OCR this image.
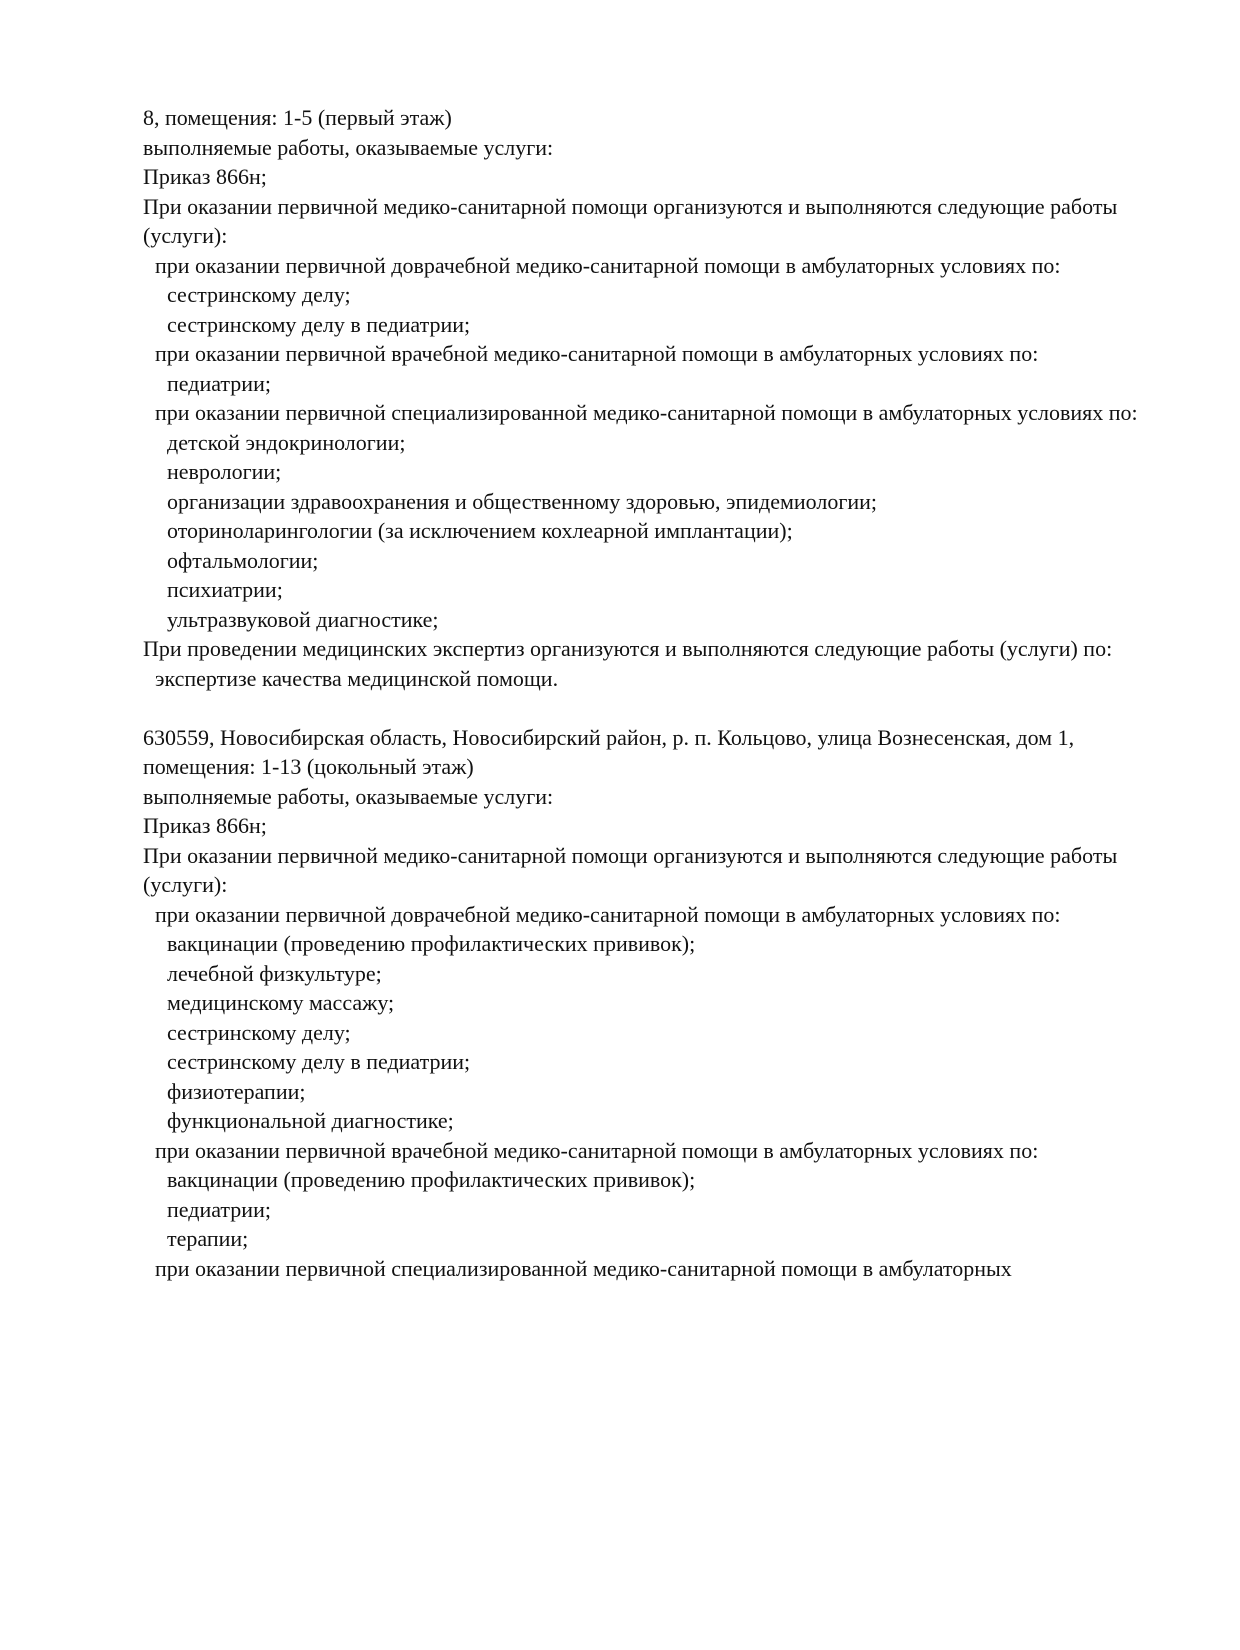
8, помещения: 1-5 (первый этаж)

выполняемые работы, оказываемые услуги:

Приказ 866н;

При оказании первичной медико-санитарной помощи организуются и выполняются следующие работы (услуги):

при оказании первичной доврачебной медико-санитарной помощи в амбулаторных условиях по:

сестринскому делу;

сестринскому делу в педиатрии;

при оказании первичной врачебной медико-санитарной помощи в амбулаторных условиях по:

педиатрии;

при оказании первичной специализированной медико-санитарной помощи в амбулаторных условиях по:

детской эндокринологии;

неврологии;

организации здравоохранения и общественному здоровью, эпидемиологии;

оториноларингологии (за исключением кохлеарной имплантации);

офтальмологии;

психиатрии;

ультразвуковой диагностике;

При проведении медицинских экспертиз организуются и выполняются следующие работы (услуги) по:

экспертизе качества медицинской помощи.

630559, Новосибирская область, Новосибирский район, р. п. Кольцово, улица Вознесенская, дом 1, помещения: 1-13 (цокольный этаж)

выполняемые работы, оказываемые услуги:

Приказ 866н;

При оказании первичной медико-санитарной помощи организуются и выполняются следующие работы (услуги):

при оказании первичной доврачебной медико-санитарной помощи в амбулаторных условиях по:

вакцинации (проведению профилактических прививок);

лечебной физкультуре;

медицинскому массажу;

сестринскому делу;

сестринскому делу в педиатрии;

физиотерапии;

функциональной диагностике;

при оказании первичной врачебной медико-санитарной помощи в амбулаторных условиях по:

вакцинации (проведению профилактических прививок);

педиатрии;

терапии;

при оказании первичной специализированной медико-санитарной помощи в амбулаторных
